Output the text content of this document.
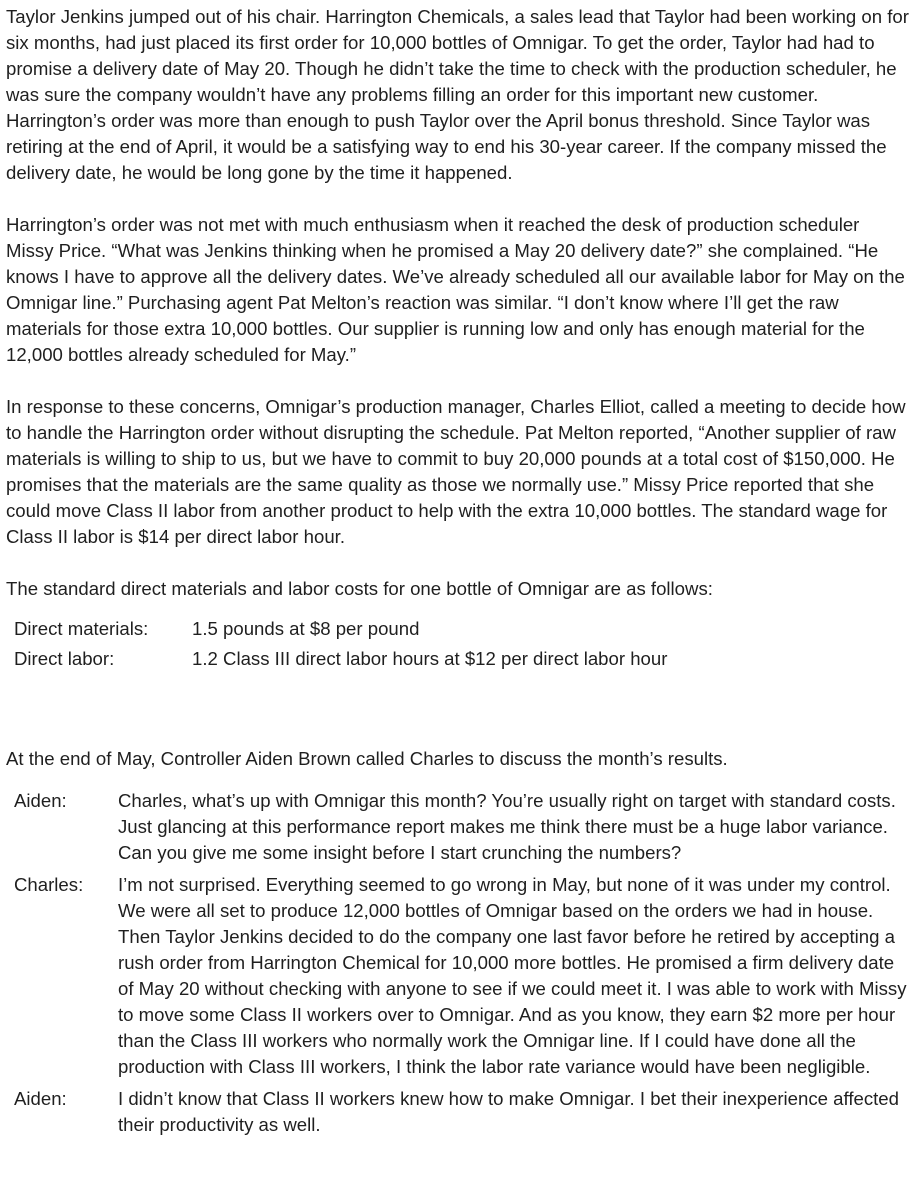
Taylor Jenkins jumped out of his chair. Harrington Chemicals, a sales lead that Taylor had been working on for six months, had just placed its first order for 10,000 bottles of Omnigar. To get the order, Taylor had had to promise a delivery date of May 20. Though he didn’t take the time to check with the production scheduler, he was sure the company wouldn’t have any problems filling an order for this important new customer. Harrington’s order was more than enough to push Taylor over the April bonus threshold. Since Taylor was retiring at the end of April, it would be a satisfying way to end his 30-year career. If the company missed the delivery date, he would be long gone by the time it happened.

Harrington’s order was not met with much enthusiasm when it reached the desk of production scheduler Missy Price. “What was Jenkins thinking when he promised a May 20 delivery date?” she complained. “He knows I have to approve all the delivery dates. We’ve already scheduled all our available labor for May on the Omnigar line.” Purchasing agent Pat Melton’s reaction was similar. “I don’t know where I’ll get the raw materials for those extra 10,000 bottles. Our supplier is running low and only has enough material for the 12,000 bottles already scheduled for May.”

In response to these concerns, Omnigar’s production manager, Charles Elliot, called a meeting to decide how to handle the Harrington order without disrupting the schedule. Pat Melton reported, “Another supplier of raw materials is willing to ship to us, but we have to commit to buy 20,000 pounds at a total cost of $150,000. He promises that the materials are the same quality as those we normally use.” Missy Price reported that she could move Class II labor from another product to help with the extra 10,000 bottles. The standard wage for Class II labor is $14 per direct labor hour.

The standard direct materials and labor costs for one bottle of Omnigar are as follows:

Direct materials:	1.5 pounds at $8 per pound
Direct labor:	1.2 Class III direct labor hours at $12 per direct labor hour

At the end of May, Controller Aiden Brown called Charles to discuss the month’s results.

Aiden:	Charles, what’s up with Omnigar this month? You’re usually right on target with standard costs. Just glancing at this performance report makes me think there must be a huge labor variance. Can you give me some insight before I start crunching the numbers?
Charles:	I’m not surprised. Everything seemed to go wrong in May, but none of it was under my control. We were all set to produce 12,000 bottles of Omnigar based on the orders we had in house. Then Taylor Jenkins decided to do the company one last favor before he retired by accepting a rush order from Harrington Chemical for 10,000 more bottles. He promised a firm delivery date of May 20 without checking with anyone to see if we could meet it. I was able to work with Missy to move some Class II workers over to Omnigar. And as you know, they earn $2 more per hour than the Class III workers who normally work the Omnigar line. If I could have done all the production with Class III workers, I think the labor rate variance would have been negligible.
Aiden:	I didn’t know that Class II workers knew how to make Omnigar. I bet their inexperience affected their productivity as well.
